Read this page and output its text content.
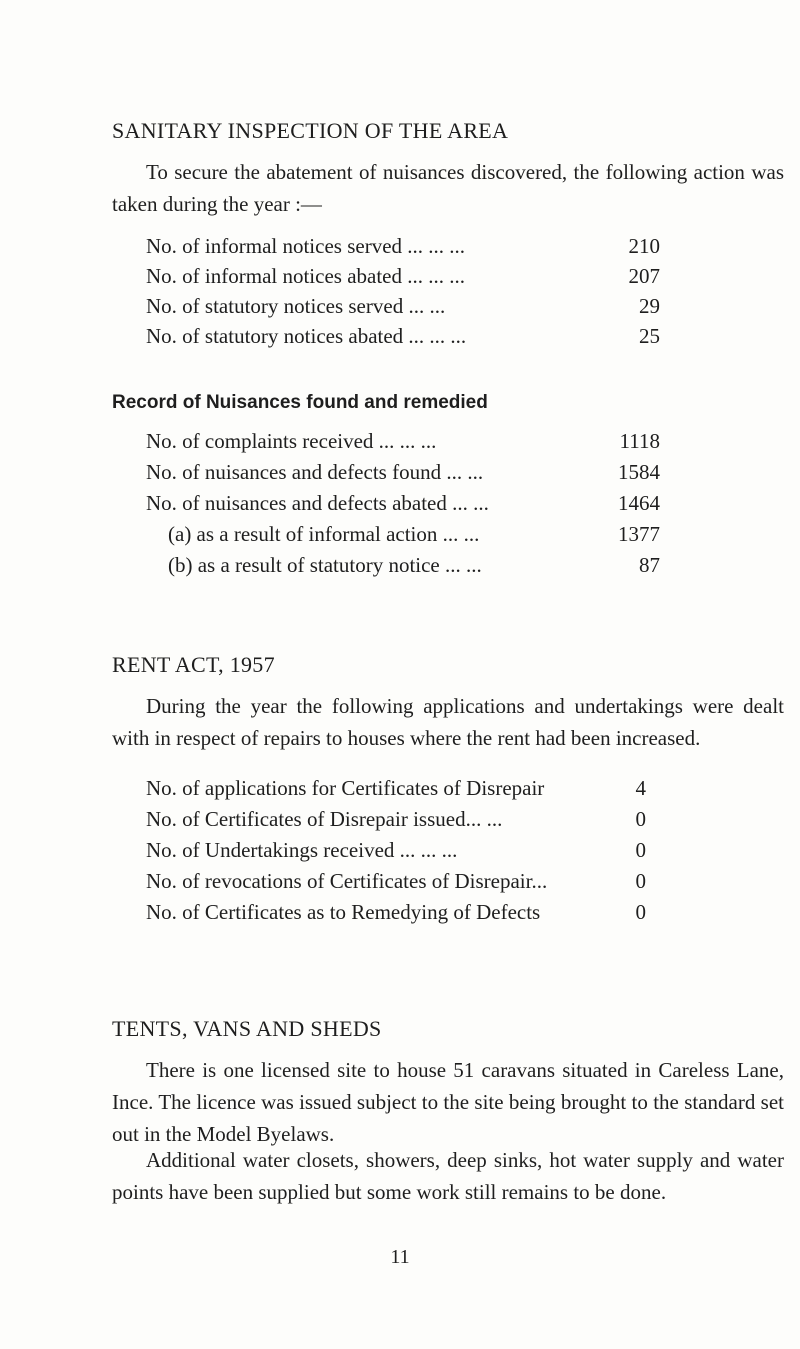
SANITARY INSPECTION OF THE AREA

To secure the abatement of nuisances discovered, the following action was taken during the year :—

No. of informal notices served ... ... ...	210
No. of informal notices abated ... ... ...	207
No. of statutory notices served ... ...	29
No. of statutory notices abated ... ... ...	25
Record of Nuisances found and remedied
No. of complaints received ... ... ...	1118
No. of nuisances and defects found ... ...	1584
No. of nuisances and defects abated ... ...	1464
(a) as a result of informal action ... ...	1377
(b) as a result of statutory notice ... ...	87
RENT ACT, 1957

During the year the following applications and undertakings were dealt with in respect of repairs to houses where the rent had been increased.

No. of applications for Certificates of Disrepair	4
No. of Certificates of Disrepair issued... ...	0
No. of Undertakings received ... ... ...	0
No. of revocations of Certificates of Disrepair...	0
No. of Certificates as to Remedying of Defects	0
TENTS, VANS AND SHEDS

There is one licensed site to house 51 caravans situated in Careless Lane, Ince. The licence was issued subject to the site being brought to the standard set out in the Model Byelaws.

Additional water closets, showers, deep sinks, hot water supply and water points have been supplied but some work still remains to be done.

11
